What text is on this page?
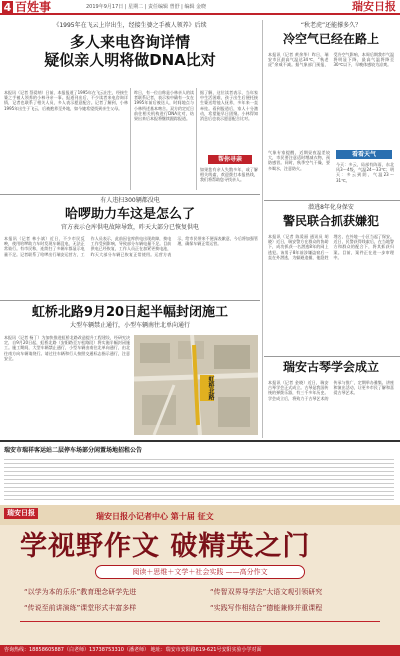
4 百姓事	2019年9月17日 | 星期二 | 责任编辑 曾舒 | 编辑 金晓	瑞安日报
《1995年在飞云上岸出生，经接生婆之手被人领养》后续
多人来电咨询详情
疑似亲人明将做DNA比对
本报讯（记者 蔡爱纳）日前，本报报道了1995年在飞云出生，经接生婆之手被人领养的小林寻亲一事。报道刊出后，不少读者来电咨询详情，记者也联系了相关人员，多人表示愿意配合。记者了解到，小林1995年出生于飞云，后被抱养至外地，如今她希望找到亲生父母。
昨日，有一位自称是小林亲人的读者联系记者，表示家中确有一女在1995年前后被送人，时间地点与小林所述基本吻合。双方约定近日前往相关机构进行DNA比对，结果出来后本报将继续跟踪报道。
据了解，这位读者表示，当年家中生活困难，孩子出生后便托接生婆送给他人抚养，多年来一直牵挂。看到报道后，家人十分激动，希望能早日团聚。小林得知消息后也表示愿意配合比对。
帮你寻亲
如果您有亲人失散多年，或了解相关线索，欢迎拨打本报热线，我们将帮助您寻找亲人。
有人违扫300辆都没电
哈啰助力车这是怎么了
官方表示仓库供电故障导致，昨天大部分已恢复供电
本报讯（记者 林小斌）近日，不少市民反映，使用哈啰助力车时发现车辆没电，无法正常骑行。有市民称，连续扫了多辆车都显示电量不足。记者联系了哈啰出行瑞安运营方，工作人员表示，此前因仓库供电出现故障，换电工作受到影响，导致部分车辆电量不足。目前供电已经恢复，工作人员正在加紧更换电池，昨天大部分车辆已恢复正常使用。运营方表示，给市民带来不便深表歉意，今后将加强管理，确保车辆正常运营。
虹桥北路9月20日起半幅封闭施工
大型车辆禁止通行，小型车辆南往北单向通行
本报讯（记者 杨丁）为加快推进虹桥北路改造提升工程建设，经研究决定，自9月20日起，虹桥北路（安阳路至万松路段）将实施半幅封闭施工。施工期间，大型车辆禁止通行，小型车辆由南往北单向通行，由北往南方向车辆请绕行。请过往车辆和行人按照交通标志指示通行，注意安全。
虹桥北路
“秋老虎”还能撑多久？
冷空气已经在路上
本报讯（记者 黄余华）昨日，瑞安市区最高气温达34℃，“秋老虎”余威不减。据气象部门预报，受冷空气影响，本周后期我市气温将明显下降，最高气温将降至30℃以下，早晚体感较为凉爽。
气象专家提醒，近期昼夜温差较大，市民要注意适时增减衣物，预防感冒。同时，秋季空气干燥，要多喝水，注意防火。
看看天气
今天：多云，局部有阵雨，东北风3～4级，气温24～33℃；明天：多云到阴，气温23～31℃。
潜逃8年化身保安
警民联合抓获嫌犯
本报讯（记者 陈爱丽 通讯员 胡晓）近日，瑞安警方在群众的协助下，成功抓获一名潜逃8年的网上逃犯。该男子8年前涉嫌盗窃后一直在外潜逃，为躲避追捕，他隐姓埋名，在外地一小区当起了保安。近日，民警获得线索后，在当地警方和群众的配合下，将其抓获归案。目前，案件正在进一步审理中。
瑞安古琴学会成立
本报讯（记者 金晓）近日，瑞安古琴学会正式成立。古琴是我国传统的弹拨乐器，有三千多年历史。学会成立后，将致力于古琴艺术的传承与推广，定期举办雅集、讲座和演出活动，让更多市民了解和喜爱古琴艺术。
瑞安市瑞祥客运站二层停车场部分闲置场地招租公告
瑞安日报	瑞安日报小记者中心 第十届 征文
学视野作文 破精英之门
阅读＋思维＋文学＋社会实践 ——高分作文
“以学为本的乐乐”教育理念研学先进	“传智双界导学法”大语文观引领研究
“传说至前讲演练”课堂形式丰富多样	“实践写作相结合”德能兼修并重课程
咨询热线：18858605887（白老师）13738753310（潘老师） 地址：瑞安市安阳路619-621号安阳实验小学对面
